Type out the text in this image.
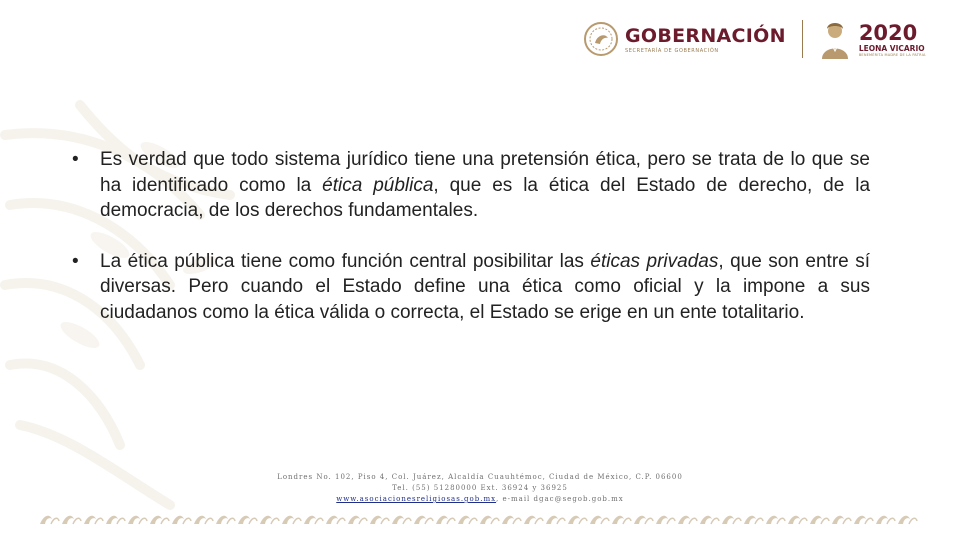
GOBERNACIÓN
SECRETARÍA DE GOBERNACIÓN
2020
LEONA VICARIO
BENEMÉRITA MADRE DE LA PATRIA
•	Es verdad que todo sistema jurídico tiene una pretensión ética, pero se trata de lo que se ha identificado como la ética pública, que es la ética del Estado de derecho, de la democracia, de los derechos fundamentales.
•	La ética pública tiene como función central posibilitar las éticas privadas, que son entre sí diversas. Pero cuando el Estado define una ética como oficial y la impone a sus ciudadanos como la ética válida o correcta, el Estado se erige en un ente totalitario.
Londres No. 102, Piso 4, Col. Juárez, Alcaldía Cuauhtémoc, Ciudad de México, C.P. 06600
Tel. (55) 51280000 Ext. 36924 y 36925
www.asociacionesreligiosas.gob.mx, e-mail dgac@segob.gob.mx
